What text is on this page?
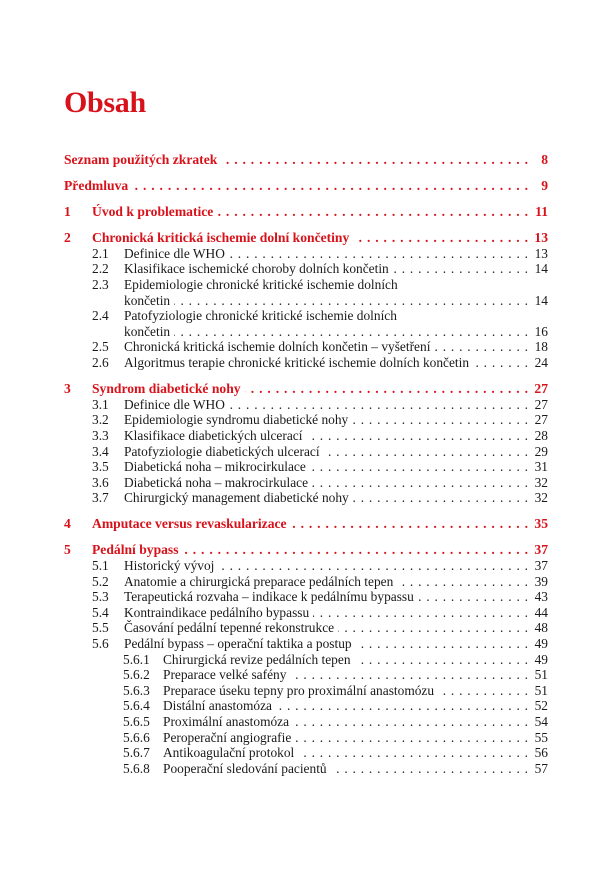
Obsah
Seznam použitých zkratek . . .	8
Předmluva . . .	9
1	Úvod k problematice . . .	11
2	Chronická kritická ischemie dolní končetiny . . .	13
2.1	Definice dle WHO . . .	13
2.2	Klasifikace ischemické choroby dolních končetin . . .	14
2.3	Epidemiologie chronické kritické ischemie dolních
končetin . . .	14
2.4	Patofyziologie chronické kritické ischemie dolních
končetin . . .	16
2.5	Chronická kritická ischemie dolních končetin – vyšetření . . .	18
2.6	Algoritmus terapie chronické kritické ischemie dolních končetin . . .	24
3	Syndrom diabetické nohy . . .	27
3.1	Definice dle WHO . . .	27
3.2	Epidemiologie syndromu diabetické nohy . . .	27
3.3	Klasifikace diabetických ulcerací . . .	28
3.4	Patofyziologie diabetických ulcerací . . .	29
3.5	Diabetická noha – mikrocirkulace . . .	31
3.6	Diabetická noha – makrocirkulace . . .	32
3.7	Chirurgický management diabetické nohy . . .	32
4	Amputace versus revaskularizace . . .	35
5	Pedální bypass . . .	37
5.1	Historický vývoj . . .	37
5.2	Anatomie a chirurgická preparace pedálních tepen . . .	39
5.3	Terapeutická rozvaha – indikace k pedálnímu bypassu . . .	43
5.4	Kontraindikace pedálního bypassu . . .	44
5.5	Časování pedální tepenné rekonstrukce . . .	48
5.6	Pedální bypass – operační taktika a postup . . .	49
5.6.1 Chirurgická revize pedálních tepen . . .	49
5.6.2 Preparace velké safény . . .	51
5.6.3 Preparace úseku tepny pro proximální anastomózu . . .	51
5.6.4 Distální anastomóza . . .	52
5.6.5 Proximální anastomóza . . .	54
5.6.6 Peroperační angiografie . . .	55
5.6.7 Antikoagulační protokol . . .	56
5.6.8 Pooperační sledování pacientů . . .	57
